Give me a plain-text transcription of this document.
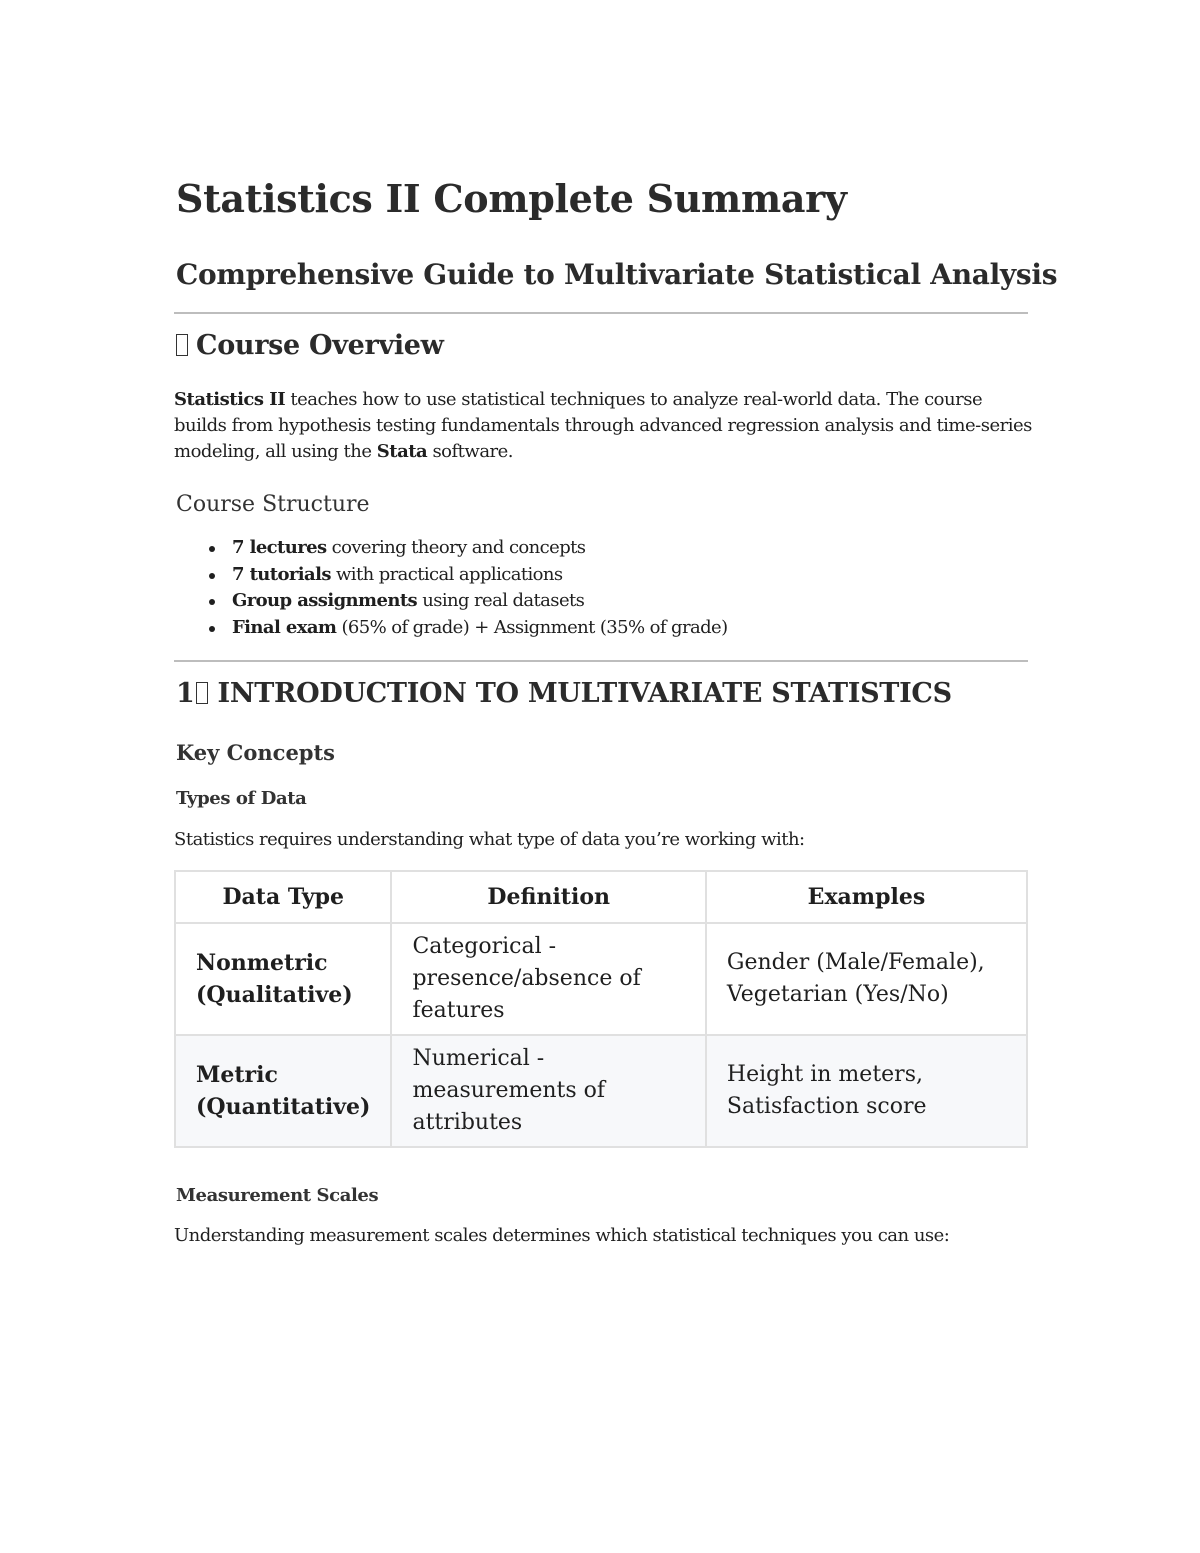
Statistics II Complete Summary
Comprehensive Guide to Multivariate Statistical Analysis
Course Overview

Statistics II teaches how to use statistical techniques to analyze real-world data. The course builds from hypothesis testing fundamentals through advanced regression analysis and time-series modeling, all using the Stata software.

Course Structure
7 lectures covering theory and concepts
7 tutorials with practical applications
Group assignments using real datasets
Final exam (65% of grade) + Assignment (35% of grade)
1 INTRODUCTION TO MULTIVARIATE STATISTICS
Key Concepts
Types of Data

Statistics requires understanding what type of data you’re working with:

Data Type	Definition	Examples
Nonmetric (Qualitative)	Categorical - presence/absence of features	Gender (Male/Female), Vegetarian (Yes/No)
Metric (Quantitative)	Numerical - measurements of attributes	Height in meters, Satisfaction score
Measurement Scales

Understanding measurement scales determines which statistical techniques you can use:
